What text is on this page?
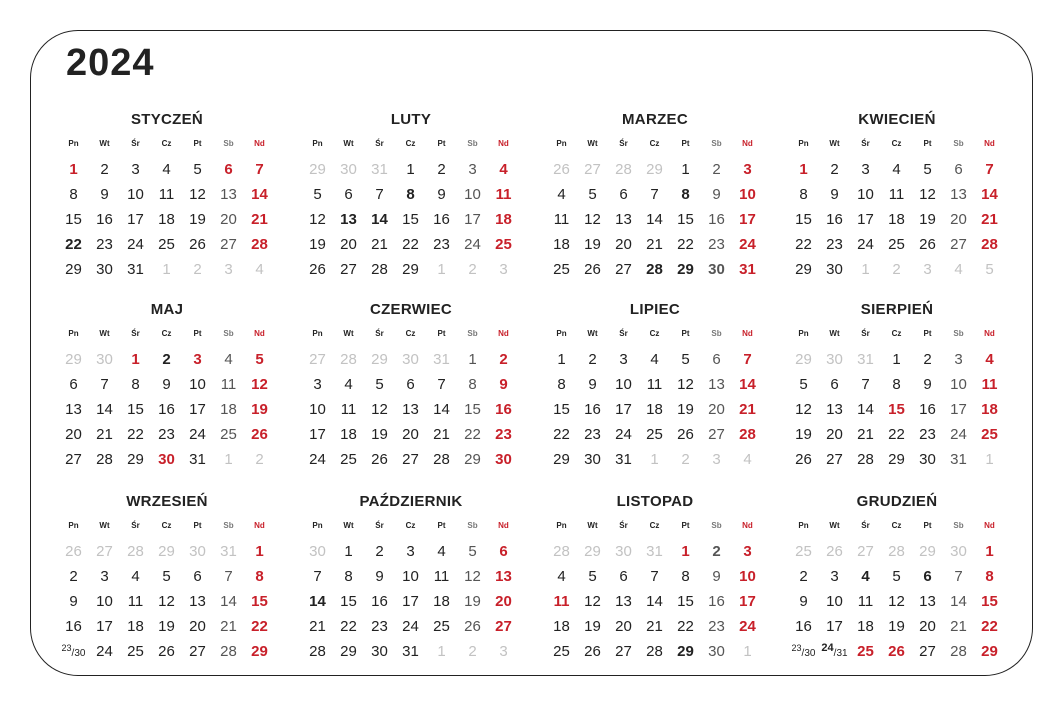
2024
STYCZEŃ
Pn	Wt	Śr	Cz	Pt	Sb	Nd
1	2	3	4	5	6	7
8	9	10 11 12 13 14
15 16 17 18 19 20 21
22 23 24 25 26 27 28
29 30 31	1	2	3	4
LUTY
Pn	Wt	Śr	Cz	Pt	Sb	Nd
29 30 31	1	2	3	4
5	6	7	8	9	10 11
12 13 14 15 16 17 18
19 20 21 22 23 24 25
26 27 28 29	1	2	3
MARZEC
Pn	Wt	Śr	Cz	Pt	Sb	Nd
26 27 28 29	1	2	3
4	5	6	7	8	9	10
11 12 13 14 15 16 17
18 19 20 21 22 23 24
25 26 27 28 29 30 31
KWIECIEŃ
Pn	Wt	Śr	Cz	Pt	Sb	Nd
1	2	3	4	5	6	7
8	9	10 11 12 13 14
15 16 17 18 19 20 21
22 23 24 25 26 27 28
29 30	1	2	3	4	5
MAJ
Pn	Wt	Śr	Cz	Pt	Sb	Nd
29 30	1	2	3	4	5
6	7	8	9	10 11 12
13 14 15 16 17 18 19
20 21 22 23 24 25 26
27 28 29 30 31	1	2
CZERWIEC
Pn	Wt	Śr	Cz	Pt	Sb	Nd
27 28 29 30 31	1	2
3	4	5	6	7	8	9
10 11 12 13 14 15 16
17 18 19 20 21 22 23
24 25 26 27 28 29 30
LIPIEC
Pn	Wt	Śr	Cz	Pt	Sb	Nd
1	2	3	4	5	6	7
8	9	10 11 12 13 14
15 16 17 18 19 20 21
22 23 24 25 26 27 28
29 30 31	1	2	3	4
SIERPIEŃ
Pn	Wt	Śr	Cz	Pt	Sb	Nd
29 30 31	1	2	3	4
5	6	7	8	9	10 11
12 13 14 15 16 17 18
19 20 21 22 23 24 25
26 27 28 29 30 31	1
WRZESIEŃ
Pn	Wt	Śr	Cz	Pt	Sb	Nd
26 27 28 29 30 31	1
2	3	4	5	6	7	8
9	10 11 12 13 14 15
16 17 18 19 20 21 22
23/30 24 25 26 27 28 29
PAŹDZIERNIK
Pn	Wt	Śr	Cz	Pt	Sb	Nd
30	1	2	3	4	5	6
7	8	9	10 11 12 13
14 15 16 17 18 19 20
21 22 23 24 25 26 27
28 29 30 31	1	2	3
LISTOPAD
Pn	Wt	Śr	Cz	Pt	Sb	Nd
28 29 30 31	1	2	3
4	5	6	7	8	9	10
11 12 13 14 15 16 17
18 19 20 21 22 23 24
25 26 27 28 29 30	1
GRUDZIEŃ
Pn	Wt	Śr	Cz	Pt	Sb	Nd
25 26 27 28 29 30	1
2	3	4	5	6	7	8
9	10 11 12 13 14 15
16 17 18 19 20 21 22
23/30 24/31 25 26 27 28 29
